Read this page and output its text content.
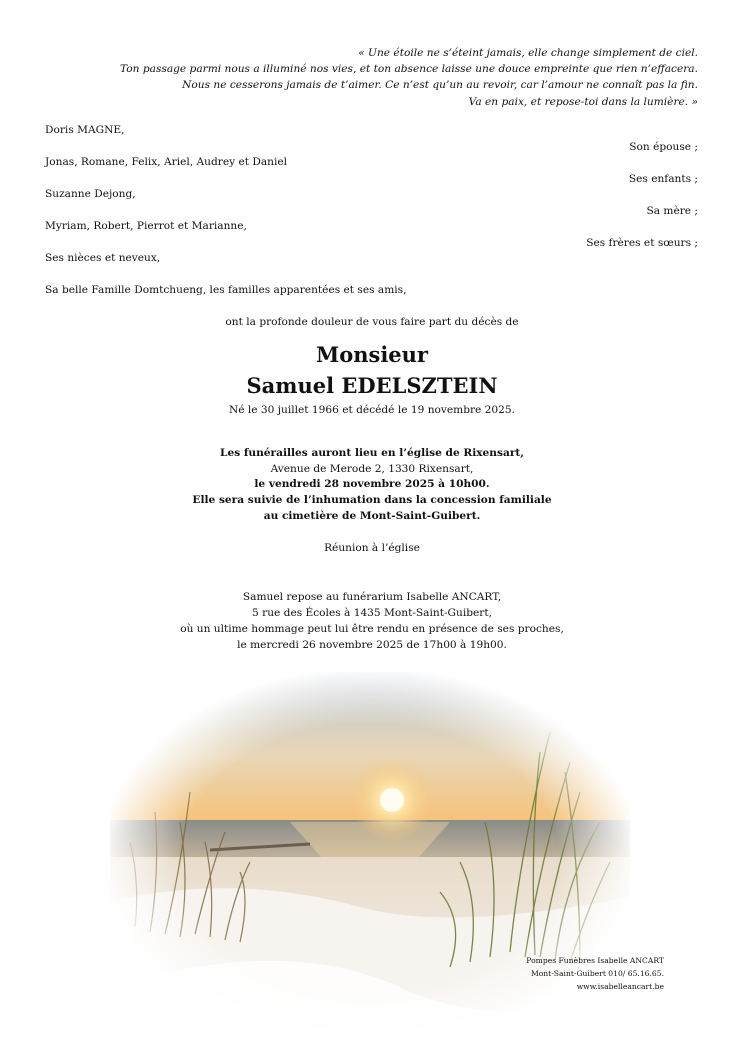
« Une étoile ne s’éteint jamais, elle change simplement de ciel.
Ton passage parmi nous a illuminé nos vies, et ton absence laisse une douce empreinte que rien n’effacera.
Nous ne cesserons jamais de t’aimer. Ce n’est qu’un au revoir, car l’amour ne connaît pas la fin.
Va en paix, et repose-toi dans la lumière. »
Doris MAGNE,
Son épouse ;
Jonas, Romane, Felix, Ariel, Audrey et Daniel
Ses enfants ;
Suzanne Dejong,
Sa mère ;
Myriam, Robert, Pierrot et Marianne,
Ses frères et sœurs ;
Ses nièces et neveux,
Sa belle Famille Domtchueng, les familles apparentées et ses amis,
ont la profonde douleur de vous faire part du décès de
Monsieur
Samuel EDELSZTEIN
Né le 30 juillet 1966 et décédé le 19 novembre 2025.
Les funérailles auront lieu en l’église de Rixensart,
Avenue de Merode 2, 1330 Rixensart,
le vendredi 28 novembre 2025 à 10h00.
Elle sera suivie de l’inhumation dans la concession familiale
au cimetière de Mont-Saint-Guibert.
Réunion à l’église
Samuel repose au funérarium Isabelle ANCART,
5 rue des Écoles à 1435 Mont-Saint-Guibert,
où un ultime hommage peut lui être rendu en présence de ses proches,
le mercredi 26 novembre 2025 de 17h00 à 19h00.
Pompes Funèbres Isabelle ANCART
Mont-Saint-Guibert 010/ 65.16.65.
www.isabelleancart.be
